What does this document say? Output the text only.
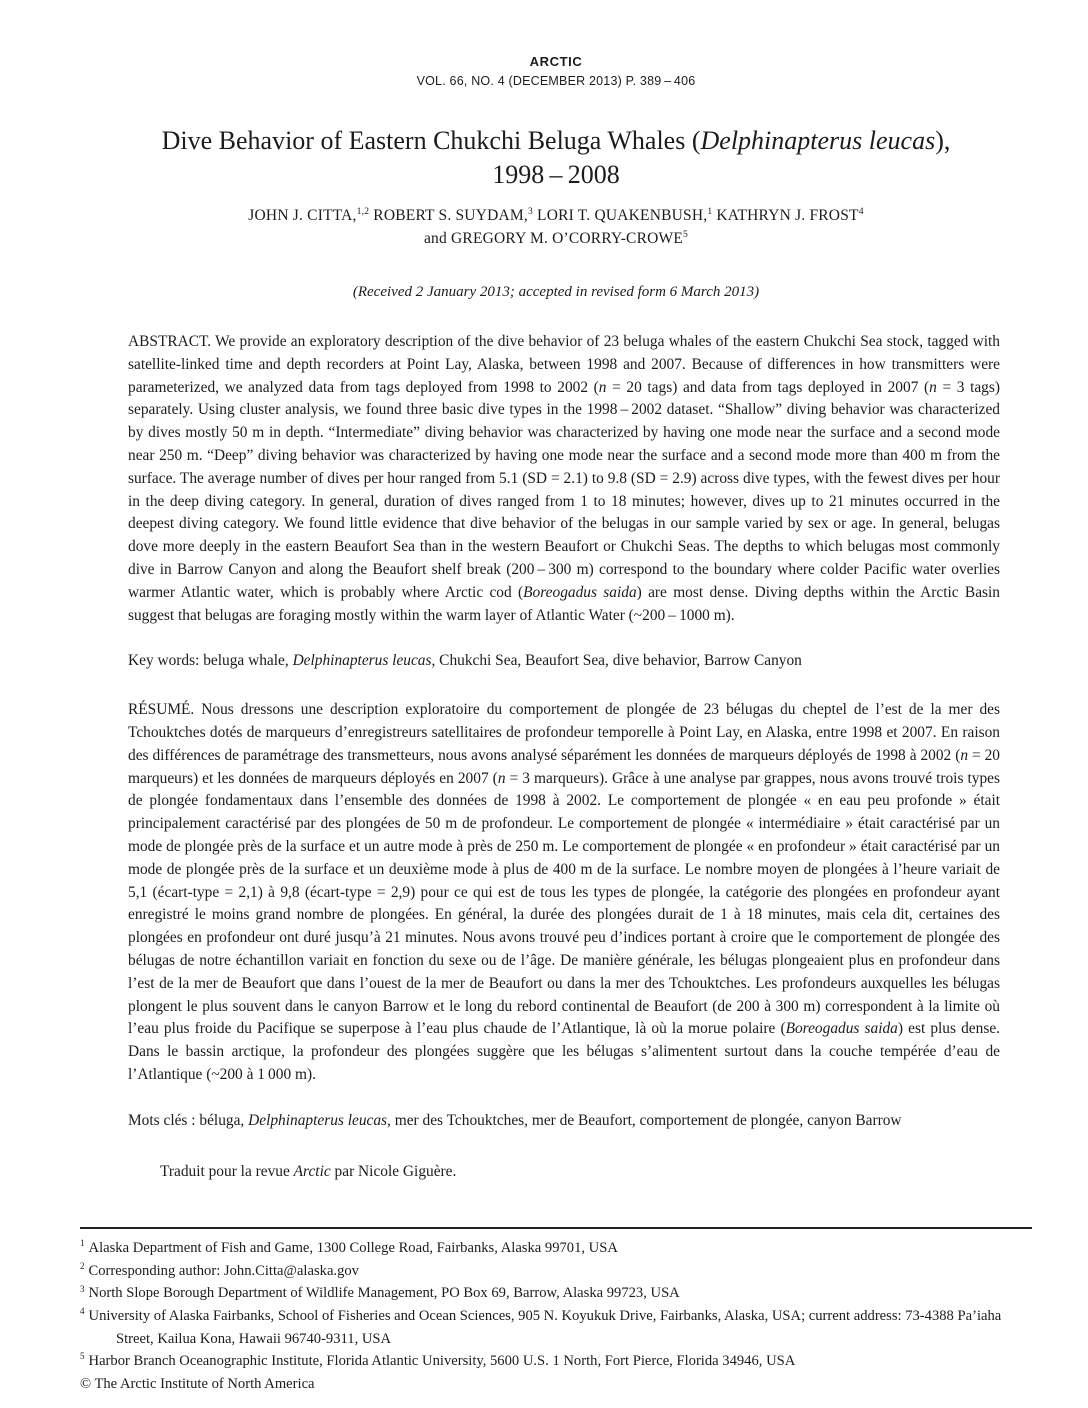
ARCTIC
VOL. 66, NO. 4 (DECEMBER 2013) P. 389 – 406
Dive Behavior of Eastern Chukchi Beluga Whales (Delphinapterus leucas),
1998 – 2008
JOHN J. CITTA,$^{1,2}$ ROBERT S. SUYDAM,$^3$ LORI T. QUAKENBUSH,$^1$ KATHRYN J. FROST$^4$
and GREGORY M. O’CORRY-CROWE$^5$
(Received 2 January 2013; accepted in revised form 6 March 2013)

ABSTRACT. We provide an exploratory description of the dive behavior of 23 beluga whales of the eastern Chukchi Sea stock, tagged with satellite-linked time and depth recorders at Point Lay, Alaska, between 1998 and 2007. Because of differences in how transmitters were parameterized, we analyzed data from tags deployed from 1998 to 2002 (n = 20 tags) and data from tags deployed in 2007 (n = 3 tags) separately. Using cluster analysis, we found three basic dive types in the 1998 – 2002 dataset. “Shallow” diving behavior was characterized by dives mostly 50 m in depth. “Intermediate” diving behavior was characterized by having one mode near the surface and a second mode near 250 m. “Deep” diving behavior was characterized by having one mode near the surface and a second mode more than 400 m from the surface. The average number of dives per hour ranged from 5.1 (SD = 2.1) to 9.8 (SD = 2.9) across dive types, with the fewest dives per hour in the deep diving category. In general, duration of dives ranged from 1 to 18 minutes; however, dives up to 21 minutes occurred in the deepest diving category. We found little evidence that dive behavior of the belugas in our sample varied by sex or age. In general, belugas dove more deeply in the eastern Beaufort Sea than in the western Beaufort or Chukchi Seas. The depths to which belugas most commonly dive in Barrow Canyon and along the Beaufort shelf break (200 – 300 m) correspond to the boundary where colder Pacific water overlies warmer Atlantic water, which is probably where Arctic cod (Boreogadus saida) are most dense. Diving depths within the Arctic Basin suggest that belugas are foraging mostly within the warm layer of Atlantic Water (~200 – 1000 m).

Key words: beluga whale, Delphinapterus leucas, Chukchi Sea, Beaufort Sea, dive behavior, Barrow Canyon

RÉSUMÉ. Nous dressons une description exploratoire du comportement de plongée de 23 bélugas du cheptel de l’est de la mer des Tchouktches dotés de marqueurs d’enregistreurs satellitaires de profondeur temporelle à Point Lay, en Alaska, entre 1998 et 2007. En raison des différences de paramétrage des transmetteurs, nous avons analysé séparément les données de marqueurs déployés de 1998 à 2002 (n = 20 marqueurs) et les données de marqueurs déployés en 2007 (n = 3 marqueurs). Grâce à une analyse par grappes, nous avons trouvé trois types de plongée fondamentaux dans l’ensemble des données de 1998 à 2002. Le comportement de plongée « en eau peu profonde » était principalement caractérisé par des plongées de 50 m de profondeur. Le comportement de plongée « intermédiaire » était caractérisé par un mode de plongée près de la surface et un autre mode à près de 250 m. Le comportement de plongée « en profondeur » était caractérisé par un mode de plongée près de la surface et un deuxième mode à plus de 400 m de la surface. Le nombre moyen de plongées à l’heure variait de 5,1 (écart-type = 2,1) à 9,8 (écart-type = 2,9) pour ce qui est de tous les types de plongée, la catégorie des plongées en profondeur ayant enregistré le moins grand nombre de plongées. En général, la durée des plongées durait de 1 à 18 minutes, mais cela dit, certaines des plongées en profondeur ont duré jusqu’à 21 minutes. Nous avons trouvé peu d’indices portant à croire que le comportement de plongée des bélugas de notre échantillon variait en fonction du sexe ou de l’âge. De manière générale, les bélugas plongeaient plus en profondeur dans l’est de la mer de Beaufort que dans l’ouest de la mer de Beaufort ou dans la mer des Tchouktches. Les profondeurs auxquelles les bélugas plongent le plus souvent dans le canyon Barrow et le long du rebord continental de Beaufort (de 200 à 300 m) correspondent à la limite où l’eau plus froide du Pacifique se superpose à l’eau plus chaude de l’Atlantique, là où la morue polaire (Boreogadus saida) est plus dense. Dans le bassin arctique, la profondeur des plongées suggère que les bélugas s’alimentent surtout dans la couche tempérée d’eau de l’Atlantique (~200 à 1 000 m).

Mots clés : béluga, Delphinapterus leucas, mer des Tchouktches, mer de Beaufort, comportement de plongée, canyon Barrow

Traduit pour la revue Arctic par Nicole Giguère.

$^1$ Alaska Department of Fish and Game, 1300 College Road, Fairbanks, Alaska 99701, USA
$^2$ Corresponding author: John.Citta@alaska.gov
$^3$ North Slope Borough Department of Wildlife Management, PO Box 69, Barrow, Alaska 99723, USA
$^4$ University of Alaska Fairbanks, School of Fisheries and Ocean Sciences, 905 N. Koyukuk Drive, Fairbanks, Alaska, USA; current address: 73-4388 Pa’iaha Street, Kailua Kona, Hawaii 96740-9311, USA
$^5$ Harbor Branch Oceanographic Institute, Florida Atlantic University, 5600 U.S. 1 North, Fort Pierce, Florida 34946, USA
© The Arctic Institute of North America
